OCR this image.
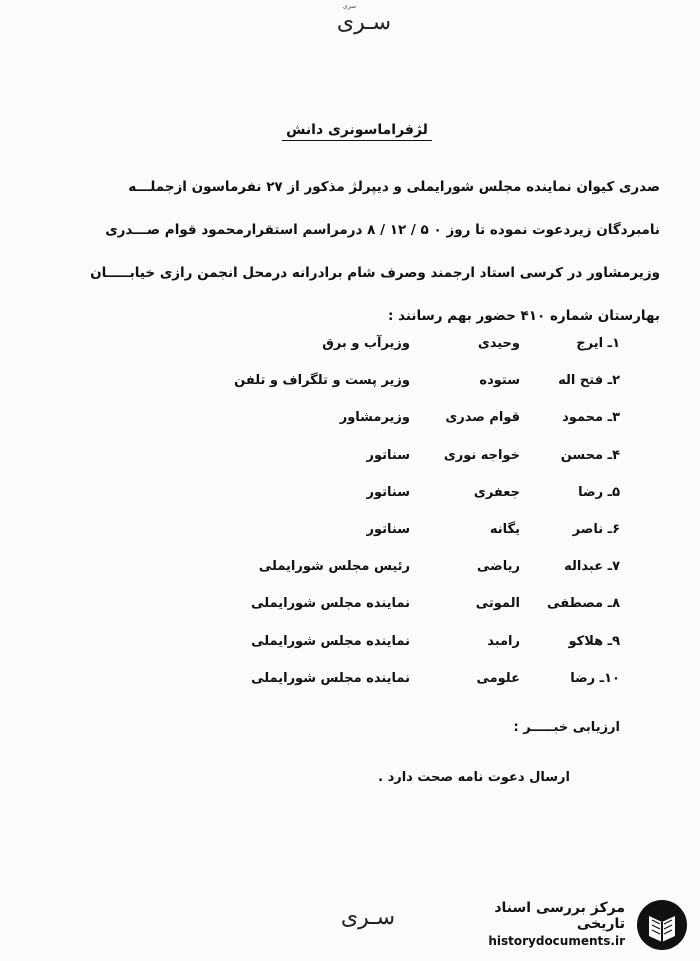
سری
سـری
لژفراماسونری دانش
صدری کیوان نماینده مجلس شورایملی و دیپرلژ مذکور از ۲۷ نفرماسون ازجملـــه
نامبردگان زیردعوت نموده تا روز ۰ ۵ / ۱۲ / ۸ درمراسم استقرارمحمود قوام صـــدری
وزیرمشاور در کرسی استاد ارجمند وصرف شام برادرانه درمحل انجمن رازی خیابـــــان
بهارستان شماره ۴۱۰ حضور بهم رسانند :
۱ـ ایرج	وحیدی	وزیرآب و برق
۲ـ فتح اله	ستوده	وزیر پست و تلگراف و تلفن
۳ـ محمود	قوام صدری	وزیرمشاور
۴ـ محسن	خواجه نوری	سناتور
۵ـ رضا	جعفری	سناتور
۶ـ ناصر	یگانه	سناتور
۷ـ عبداله	ریاضی	رئیس مجلس شورایملی
۸ـ مصطفی	الموتی	نماینده مجلس شورایملی
۹ـ هلاکو	رامبد	نماینده مجلس شورایملی
۱۰ـ رضا	علومی	نماینده مجلس شورایملی
ارزیابی خبـــــر :
ارسال دعوت نامه صحت دارد .
سـری	مرکز بررسی اسناد تاریخی
historydocuments.ir
